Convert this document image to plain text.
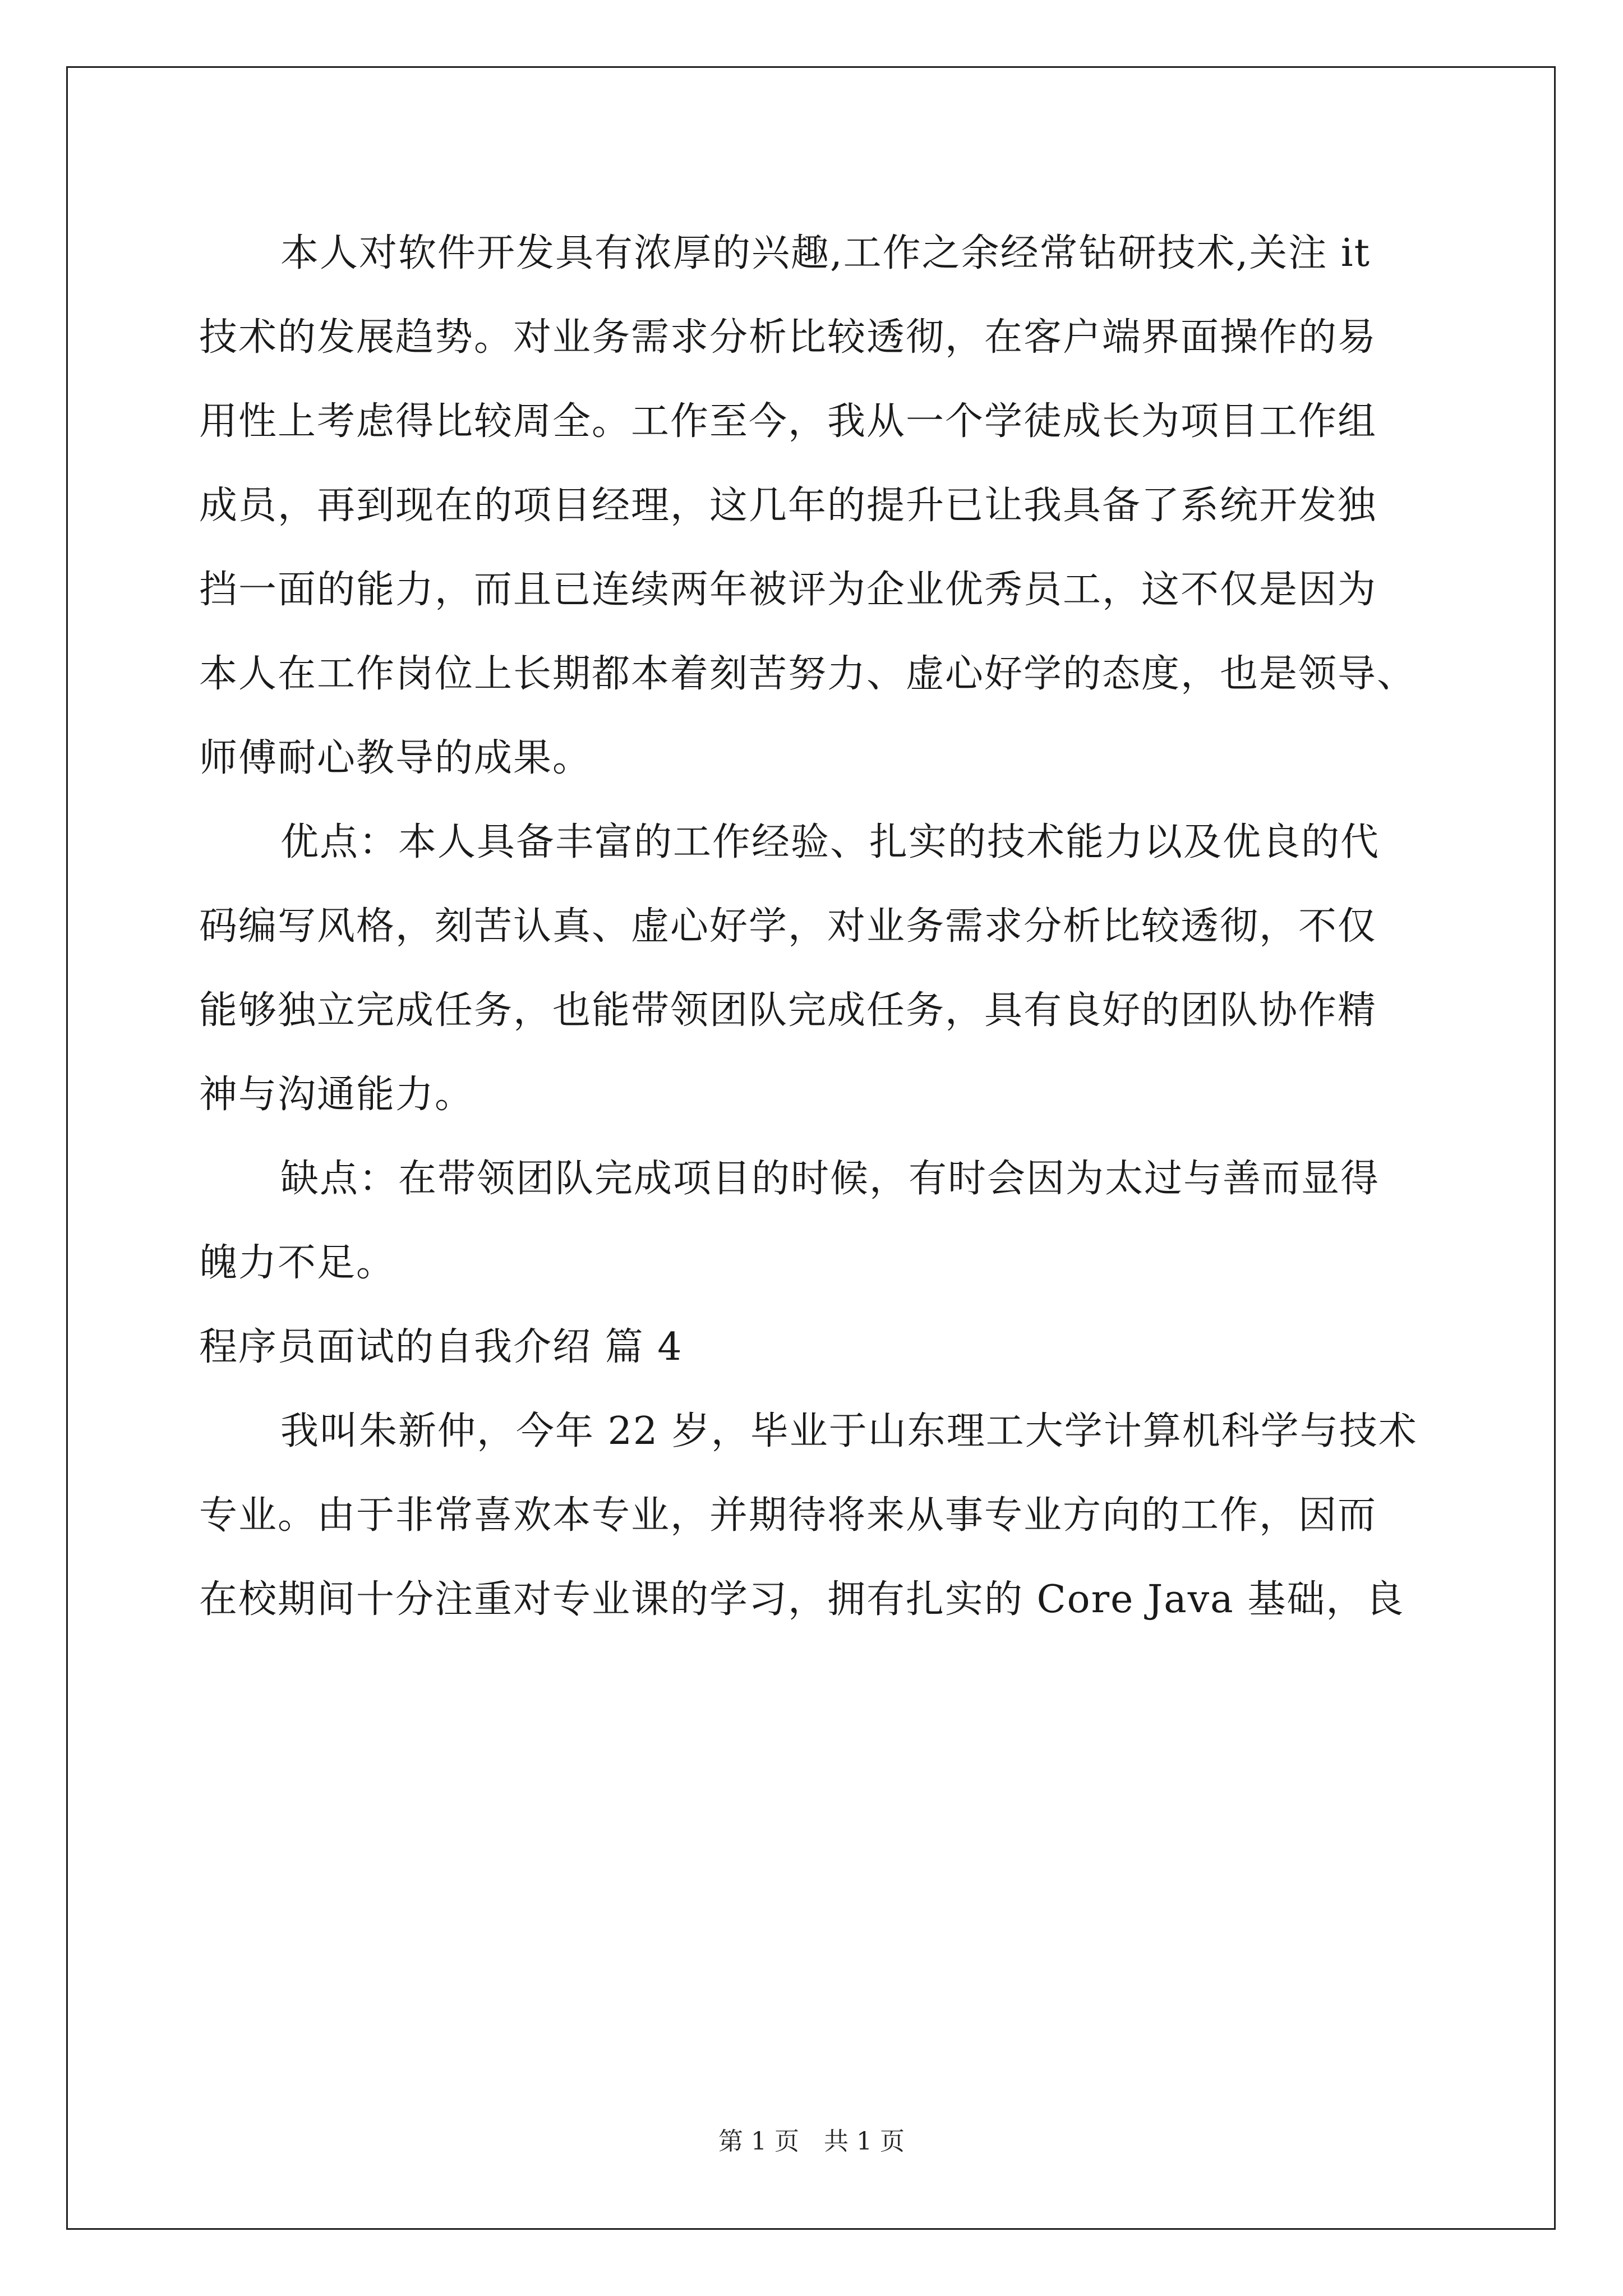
本人对软件开发具有浓厚的兴趣,工作之余经常钻研技术,关注 it
技术的发展趋势。对业务需求分析比较透彻，在客户端界面操作的易
用性上考虑得比较周全。工作至今，我从一个学徒成长为项目工作组
成员，再到现在的项目经理，这几年的提升已让我具备了系统开发独
挡一面的能力，而且已连续两年被评为企业优秀员工，这不仅是因为
本人在工作岗位上长期都本着刻苦努力、虚心好学的态度，也是领导、
师傅耐心教导的成果。
优点：本人具备丰富的工作经验、扎实的技术能力以及优良的代
码编写风格，刻苦认真、虚心好学，对业务需求分析比较透彻，不仅
能够独立完成任务，也能带领团队完成任务，具有良好的团队协作精
神与沟通能力。
缺点：在带领团队完成项目的时候，有时会因为太过与善而显得
魄力不足。
程序员面试的自我介绍 篇 4
我叫朱新仲，今年 22 岁，毕业于山东理工大学计算机科学与技术
专业。由于非常喜欢本专业，并期待将来从事专业方向的工作，因而
在校期间十分注重对专业课的学习，拥有扎实的 Core Java 基础，良
第 1 页　共 1 页
